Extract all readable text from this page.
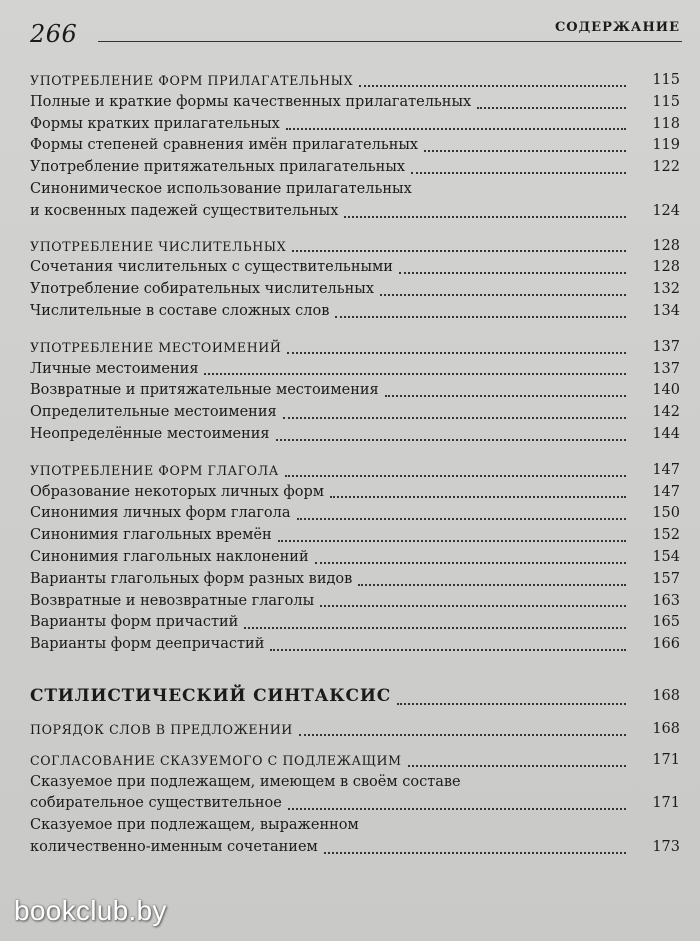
266	СОДЕРЖАНИЕ
УПОТРЕБЛЕНИЕ ФОРМ ПРИЛАГАТЕЛЬНЫХ	115
Полные и краткие формы качественных прилагательных	115
Формы кратких прилагательных	118
Формы степеней сравнения имён прилагательных	119
Употребление притяжательных прилагательных	122
Синонимическое использование прилагательных
и косвенных падежей существительных	124
УПОТРЕБЛЕНИЕ ЧИСЛИТЕЛЬНЫХ	128
Сочетания числительных с существительными	128
Употребление собирательных числительных	132
Числительные в составе сложных слов	134
УПОТРЕБЛЕНИЕ МЕСТОИМЕНИЙ	137
Личные местоимения	137
Возвратные и притяжательные местоимения	140
Определительные местоимения	142
Неопределённые местоимения	144
УПОТРЕБЛЕНИЕ ФОРМ ГЛАГОЛА	147
Образование некоторых личных форм	147
Синонимия личных форм глагола	150
Синонимия глагольных времён	152
Синонимия глагольных наклонений	154
Варианты глагольных форм разных видов	157
Возвратные и невозвратные глаголы	163
Варианты форм причастий	165
Варианты форм деепричастий	166
СТИЛИСТИЧЕСКИЙ СИНТАКСИС	168
ПОРЯДОК СЛОВ В ПРЕДЛОЖЕНИИ	168
СОГЛАСОВАНИЕ СКАЗУЕМОГО С ПОДЛЕЖАЩИМ	171
Сказуемое при подлежащем, имеющем в своём составе
собирательное существительное	171
Сказуемое при подлежащем, выраженном
количественно-именным сочетанием	173
bookclub.by
